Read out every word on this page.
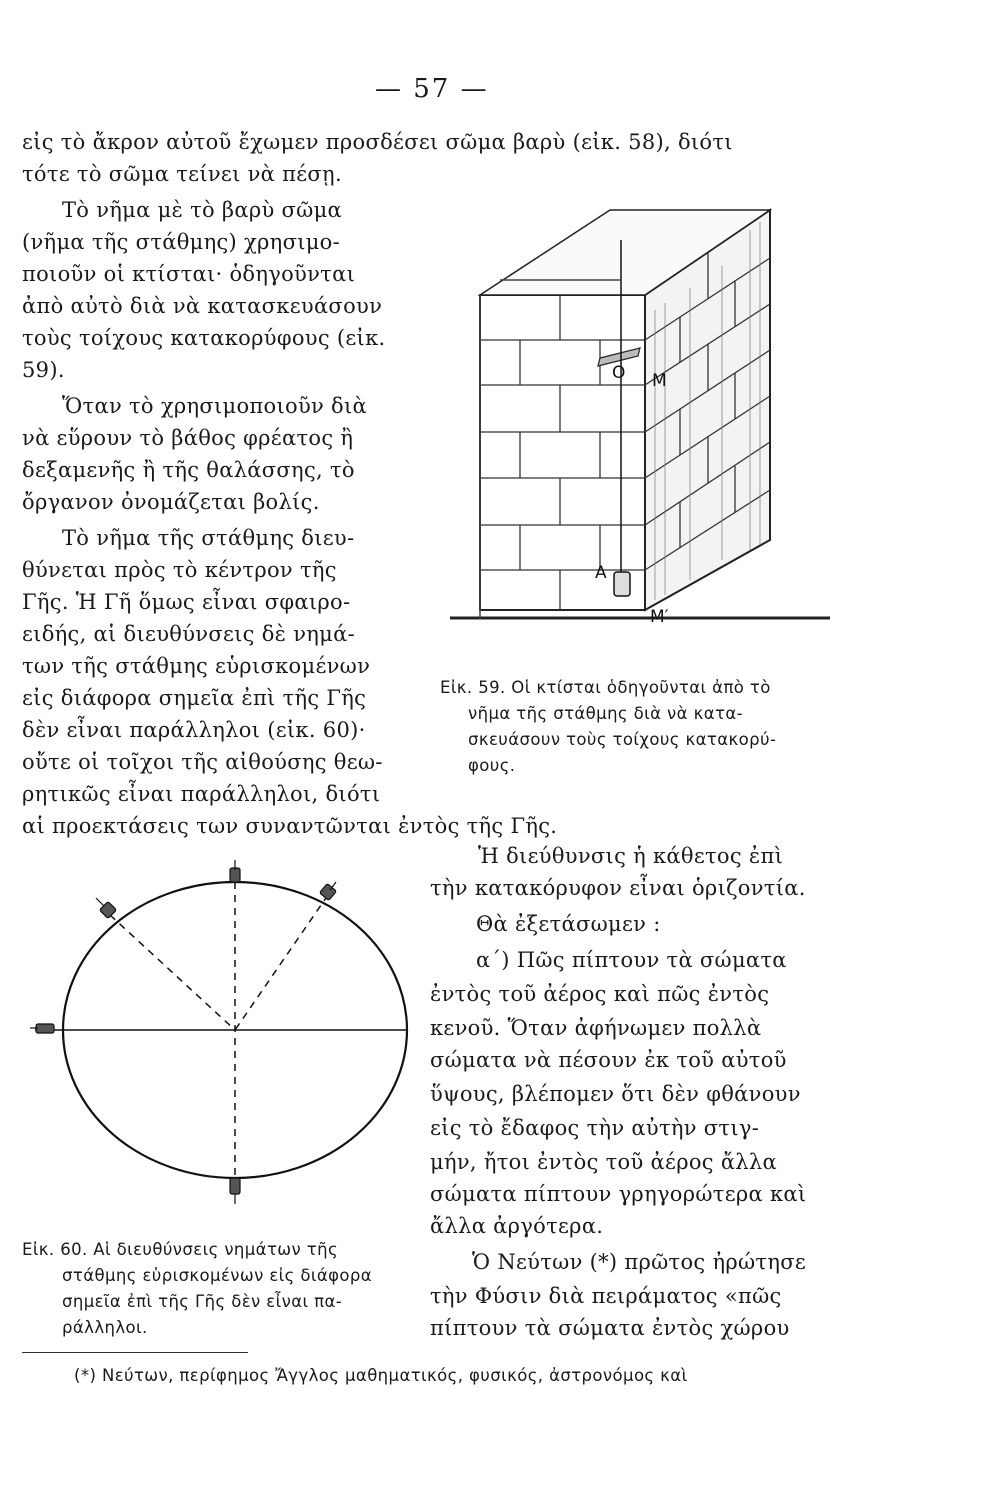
— 57 —
εἰς τὸ ἄκρον αὐτοῦ ἔχωμεν προσδέσει σῶμα βαρὺ (εἰκ. 58), διότι
τότε τὸ σῶμα τείνει νὰ πέσῃ.
Τὸ νῆμα μὲ τὸ βαρὺ σῶμα
(νῆμα τῆς στάθμης) χρησιμο-
ποιοῦν οἱ κτίσται· ὁδηγοῦνται
ἀπὸ αὐτὸ διὰ νὰ κατασκευάσουν
τοὺς τοίχους κατακορύφους (εἰκ.
59).
Ὅταν τὸ χρησιμοποιοῦν διὰ
νὰ εὕρουν τὸ βάθος φρέατος ἢ
δεξαμενῆς ἢ τῆς θαλάσσης, τὸ
ὄργανον ὀνομάζεται βολίς.
Τὸ νῆμα τῆς στάθμης διευ-
θύνεται πρὸς τὸ κέντρον τῆς
Γῆς. Ἡ Γῆ ὅμως εἶναι σφαιρο-
ειδής, αἱ διευθύνσεις δὲ νημά-
των τῆς στάθμης εὑρισκομένων
εἰς διάφορα σημεῖα ἐπὶ τῆς Γῆς
δὲν εἶναι παράλληλοι (εἰκ. 60)·
οὔτε οἱ τοῖχοι τῆς αἰθούσης θεω-
ρητικῶς εἶναι παράλληλοι, διότι
αἱ προεκτάσεις των συναντῶνται ἐντὸς τῆς Γῆς.
O M
A
M′
Εἰκ. 59. Οἱ κτίσται ὁδηγοῦνται ἀπὸ τὸ
νῆμα τῆς στάθμης διὰ νὰ κατα-
σκευάσουν τοὺς τοίχους κατακορύ-
φους.
Εἰκ. 60. Αἱ διευθύνσεις νημάτων τῆς
στάθμης εὑρισκομένων εἰς διάφορα
σημεῖα ἐπὶ τῆς Γῆς δὲν εἶναι πα-
ράλληλοι.
Ἡ διεύθυνσις ἡ κάθετος ἐπὶ
τὴν κατακόρυφον εἶναι ὁριζοντία.
Θὰ ἐξετάσωμεν :
α΄) Πῶς πίπτουν τὰ σώματα
ἐντὸς τοῦ ἀέρος καὶ πῶς ἐντὸς
κενοῦ. Ὅταν ἀφήνωμεν πολλὰ
σώματα νὰ πέσουν ἐκ τοῦ αὐτοῦ
ὕψους, βλέπομεν ὅτι δὲν φθάνουν
εἰς τὸ ἔδαφος τὴν αὐτὴν στιγ-
μήν, ἤτοι ἐντὸς τοῦ ἀέρος ἄλλα
σώματα πίπτουν γρηγορώτερα καὶ
ἄλλα ἀργότερα.
Ὁ Νεύτων (*) πρῶτος ἠρώτησε
τὴν Φύσιν διὰ πειράματος «πῶς
πίπτουν τὰ σώματα ἐντὸς χώρου
(*) Νεύτων, περίφημος Ἄγγλος μαθηματικός, φυσικός, ἀστρονόμος καὶ
